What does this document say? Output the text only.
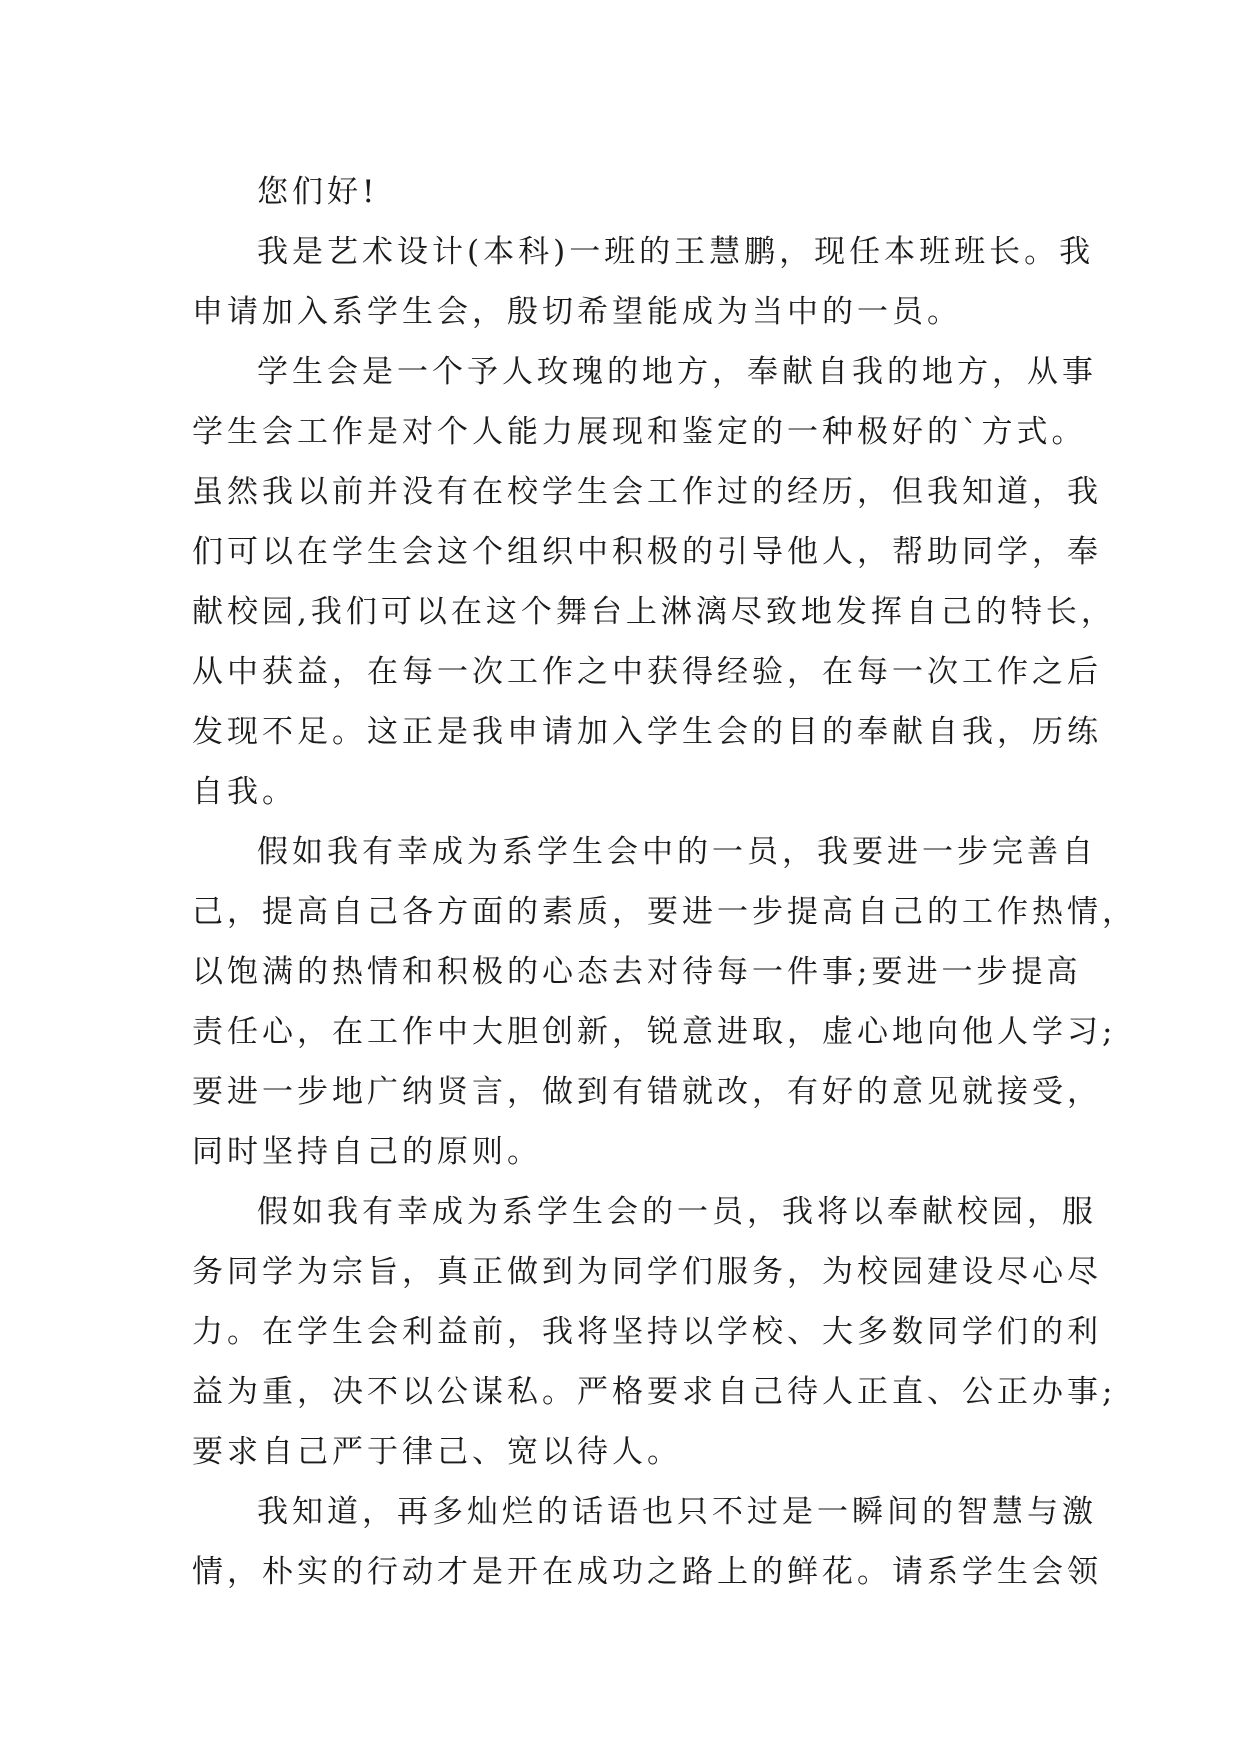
您们好!

我是艺术设计(本科)一班的王慧鹏，现任本班班长。我
申请加入系学生会，殷切希望能成为当中的一员。

学生会是一个予人玫瑰的地方，奉献自我的地方，从事
学生会工作是对个人能力展现和鉴定的一种极好的`方式。
虽然我以前并没有在校学生会工作过的经历，但我知道，我
们可以在学生会这个组织中积极的引导他人，帮助同学，奉
献校园,我们可以在这个舞台上淋漓尽致地发挥自己的特长，
从中获益，在每一次工作之中获得经验，在每一次工作之后
发现不足。这正是我申请加入学生会的目的奉献自我，历练
自我。

假如我有幸成为系学生会中的一员，我要进一步完善自
己，提高自己各方面的素质，要进一步提高自己的工作热情，
以饱满的热情和积极的心态去对待每一件事;要进一步提高
责任心，在工作中大胆创新，锐意进取，虚心地向他人学习;
要进一步地广纳贤言，做到有错就改，有好的意见就接受，
同时坚持自己的原则。

假如我有幸成为系学生会的一员，我将以奉献校园，服
务同学为宗旨，真正做到为同学们服务，为校园建设尽心尽
力。在学生会利益前，我将坚持以学校、大多数同学们的利
益为重，决不以公谋私。严格要求自己待人正直、公正办事;
要求自己严于律己、宽以待人。

我知道，再多灿烂的话语也只不过是一瞬间的智慧与激
情，朴实的行动才是开在成功之路上的鲜花。请系学生会领
